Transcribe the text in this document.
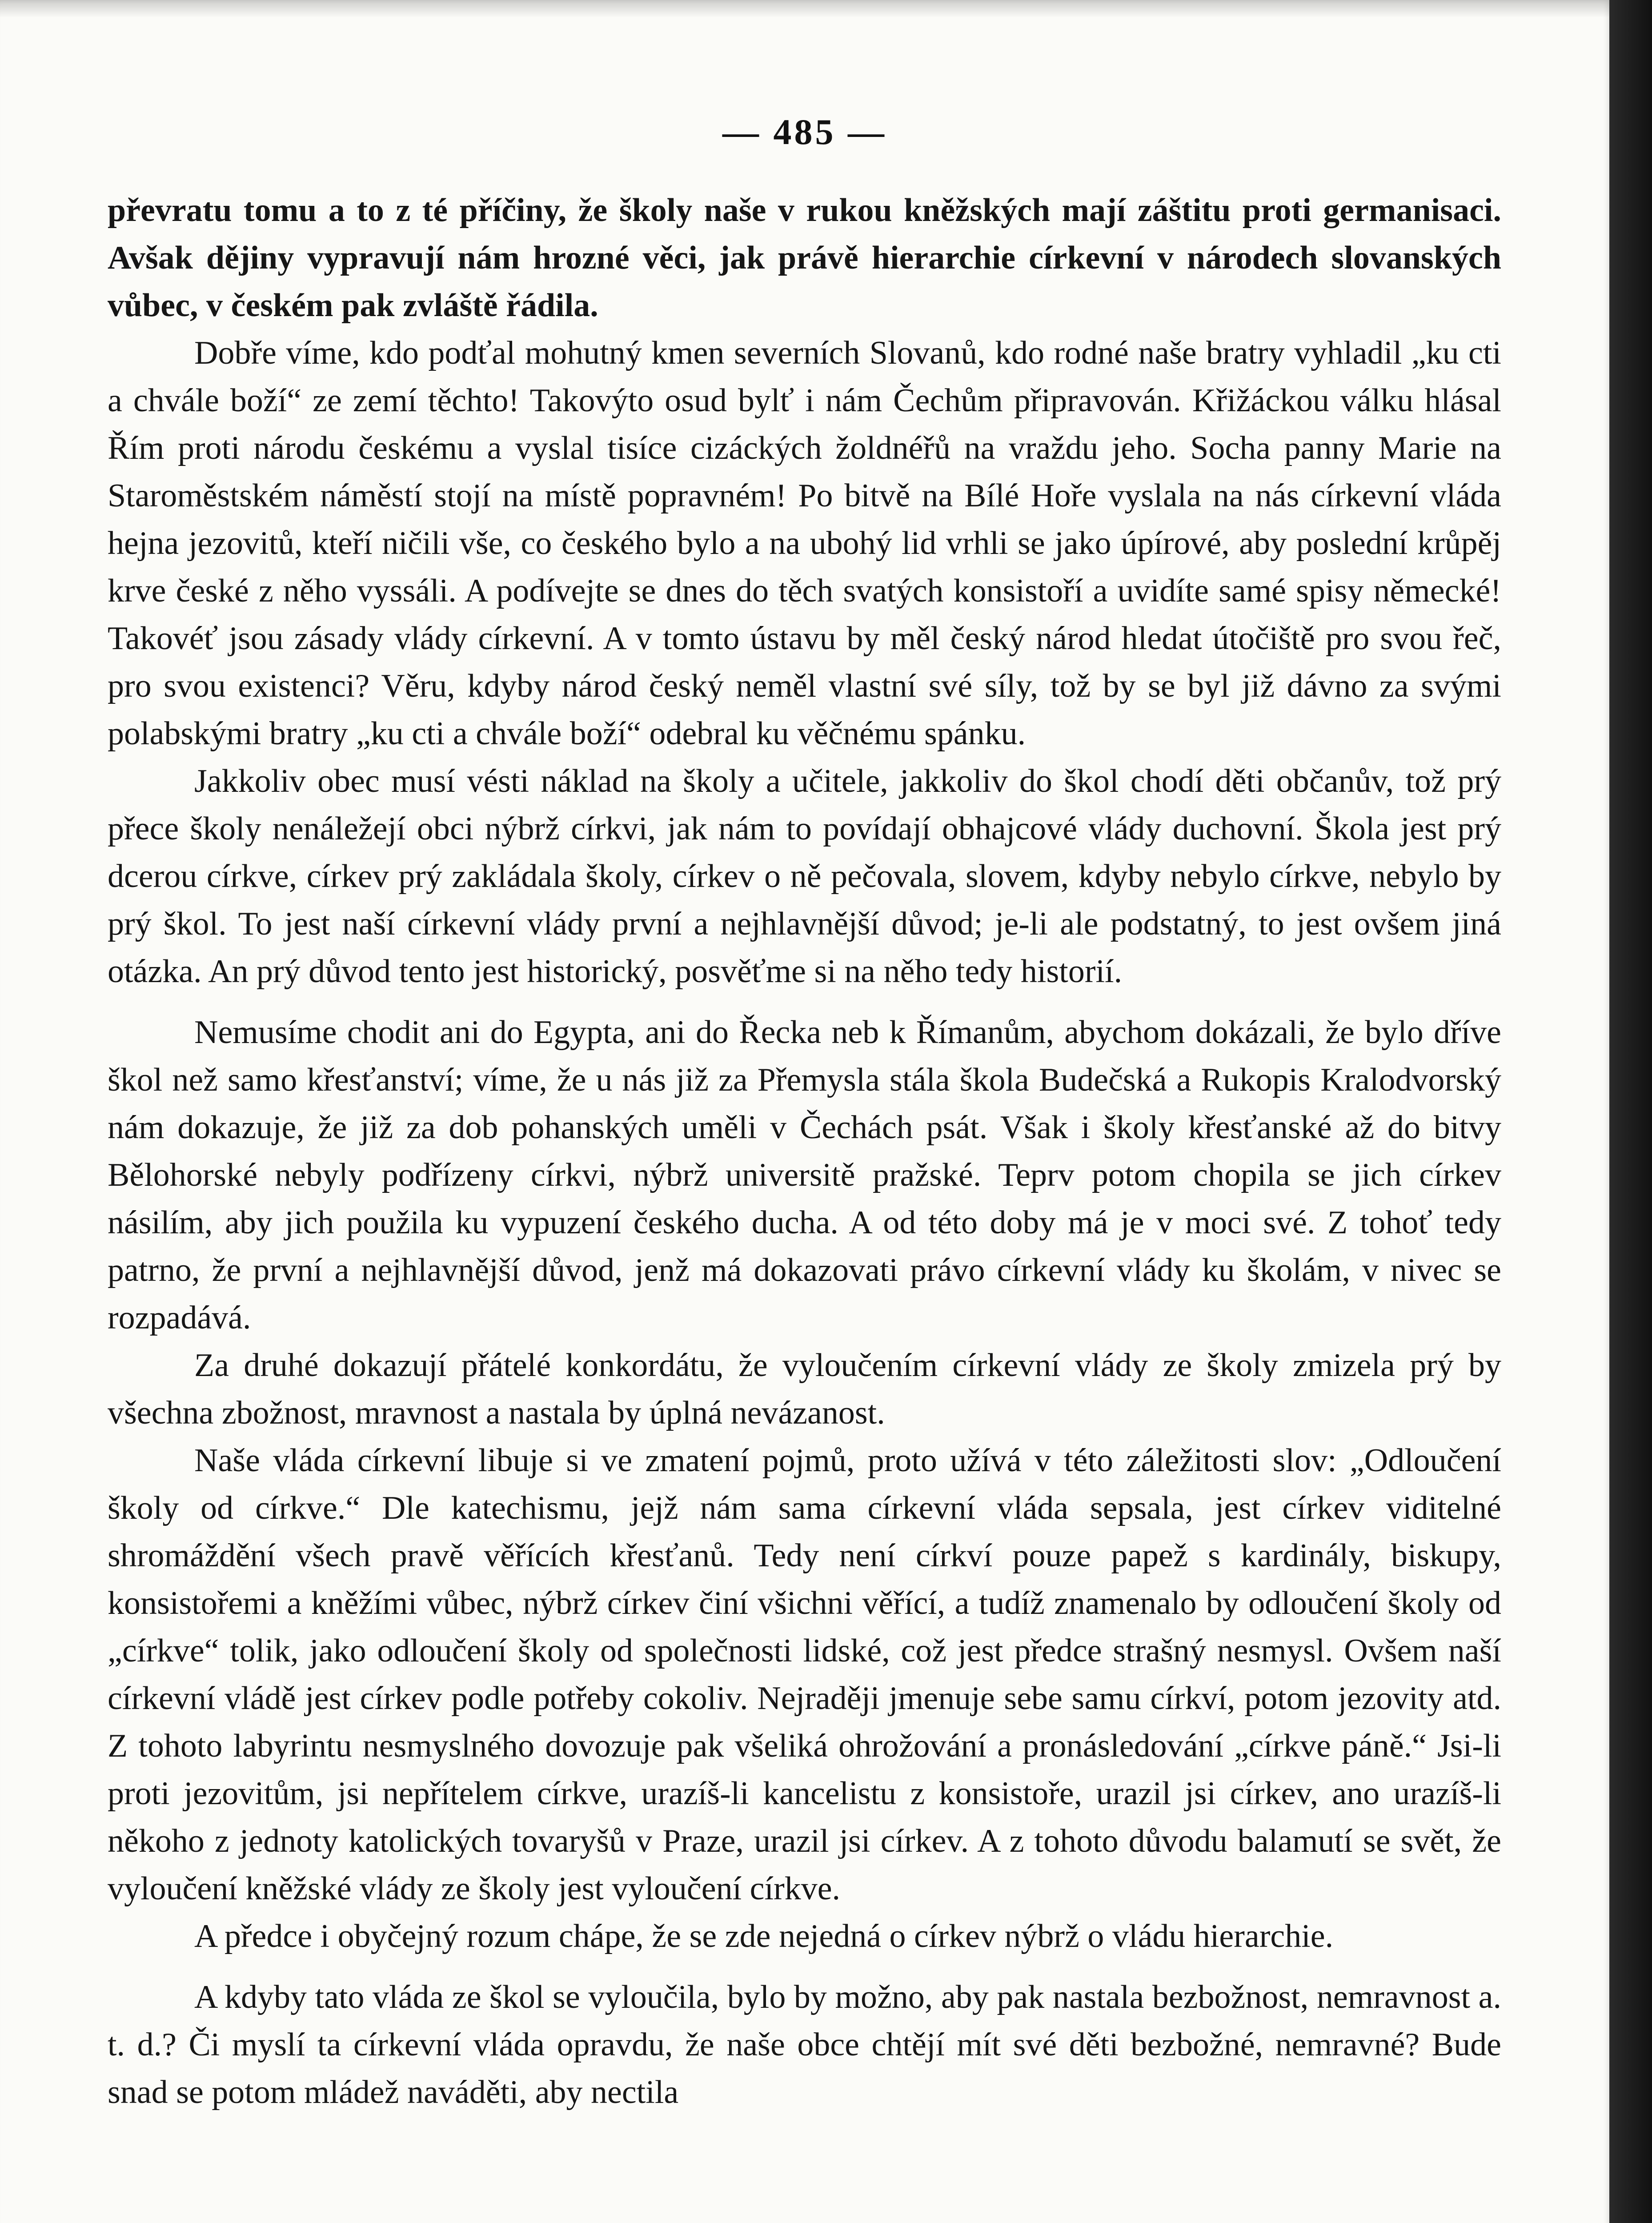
— 485 —

převratu tomu a to z té příčiny, že školy naše v rukou kněžských mají záštitu proti germanisaci. Avšak dějiny vypravují nám hrozné věci, jak právě hierarchie církevní v národech slovanských vůbec, v českém pak zvláště řádila.

Dobře víme, kdo podťal mohutný kmen severních Slovanů, kdo rodné naše bratry vyhladil „ku cti a chvále boží“ ze zemí těchto! Takovýto osud bylť i nám Čechům připravován. Křižáckou válku hlásal Řím proti národu českému a vyslal tisíce cizáckých žoldnéřů na vraždu jeho. Socha panny Marie na Staroměstském náměstí stojí na místě popravném! Po bitvě na Bílé Hoře vyslala na nás církevní vláda hejna jezovitů, kteří ničili vše, co českého bylo a na ubohý lid vrhli se jako úpírové, aby poslední krůpěj krve české z něho vyssáli. A podívejte se dnes do těch svatých konsistoří a uvidíte samé spisy německé! Takovéť jsou zásady vlády církevní. A v tomto ústavu by měl český národ hledat útočiště pro svou řeč, pro svou existenci? Věru, kdyby národ český neměl vlastní své síly, tož by se byl již dávno za svými polabskými bratry „ku cti a chvále boží“ odebral ku věčnému spánku.

Jakkoliv obec musí vésti náklad na školy a učitele, jakkoliv do škol chodí děti občanův, tož prý přece školy nenáležejí obci nýbrž církvi, jak nám to povídají obhajcové vlády duchovní. Škola jest prý dcerou církve, církev prý zakládala školy, církev o ně pečovala, slovem, kdyby nebylo církve, nebylo by prý škol. To jest naší církevní vlády první a nejhlavnější důvod; je-li ale podstatný, to jest ovšem jiná otázka. An prý důvod tento jest historický, posvěťme si na něho tedy historií.

Nemusíme chodit ani do Egypta, ani do Řecka neb k Římanům, abychom dokázali, že bylo dříve škol než samo křesťanství; víme, že u nás již za Přemysla stála škola Budečská a Rukopis Kralodvorský nám dokazuje, že již za dob pohanských uměli v Čechách psát. Však i školy křesťanské až do bitvy Bělohorské nebyly podřízeny církvi, nýbrž universitě pražské. Teprv potom chopila se jich církev násilím, aby jich použila ku vypuzení českého ducha. A od této doby má je v moci své. Z tohoť tedy patrno, že první a nejhlavnější důvod, jenž má dokazovati právo církevní vlády ku školám, v nivec se rozpadává.

Za druhé dokazují přátelé konkordátu, že vyloučením církevní vlády ze školy zmizela prý by všechna zbožnost, mravnost a nastala by úplná nevázanost.

Naše vláda církevní libuje si ve zmatení pojmů, proto užívá v této záležitosti slov: „Odloučení školy od církve.“ Dle katechismu, jejž nám sama církevní vláda sepsala, jest církev viditelné shromáždění všech pravě věřících křesťanů. Tedy není církví pouze papež s kardinály, biskupy, konsistořemi a kněžími vůbec, nýbrž církev činí všichni věřící, a tudíž znamenalo by odloučení školy od „církve“ tolik, jako odloučení školy od společnosti lidské, což jest předce strašný nesmysl. Ovšem naší církevní vládě jest církev podle potřeby cokoliv. Nejraději jmenuje sebe samu církví, potom jezovity atd. Z tohoto labyrintu nesmyslného dovozuje pak všeliká ohrožování a pronásledování „církve páně.“ Jsi-li proti jezovitům, jsi nepřítelem církve, urazíš-li kancelistu z konsistoře, urazil jsi církev, ano urazíš-li někoho z jednoty katolických tovaryšů v Praze, urazil jsi církev. A z tohoto důvodu balamutí se svět, že vyloučení kněžské vlády ze školy jest vyloučení církve.

A předce i obyčejný rozum chápe, že se zde nejedná o církev nýbrž o vládu hierarchie.

A kdyby tato vláda ze škol se vyloučila, bylo by možno, aby pak nastala bezbožnost, nemravnost a. t. d.? Či myslí ta církevní vláda opravdu, že naše obce chtějí mít své děti bezbožné, nemravné? Bude snad se potom mládež naváděti, aby nectila
